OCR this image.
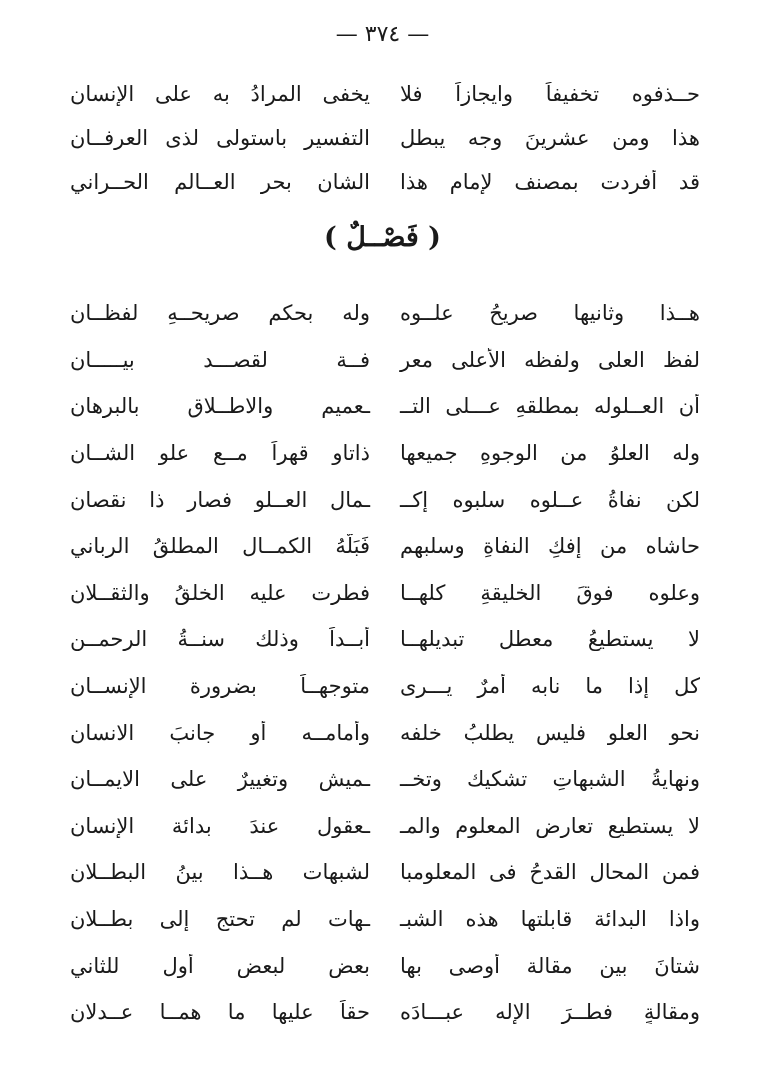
— ٣٧٤ —
حــذفوه تخفيفاً وايجازاً فلا
يخفى المرادُ به على الإنسان
هذا ومن عشرينَ وجه يبطل
التفسير باستولى لذى العرفــان
قد أفردت بمصنف لإمام هذا
الشان بحر العــالم الحــراني
( فَصْــلٌ )
هــذا وثانيها صريحُ علــوه
وله بحكم صريحــهِ لفظــان
لفظ العلى ولفظه الأَعلى معر
فــة لقصـــد بيـــــان
أن العــلوله بمطلقهِ عـــلى التــ
ـعميم والاطــلاقِ بالبرهان
وله العلوُ من الوجوهِ جميعها
ذاتاو قهراً مــع علو الشــان
لكن نفاةُ عــلوه سلبوه إكــ
ـمال العــلو فصار ذا نقصان
حاشاه من إفكِ النفاةِ وسلبهم
فَبَلَّهُ الكمــال المطلقُ الرباني
وعلوه فوقَ الخليقةِ كلهــا
فطرت عليه الخلقُ والثقــلان
لا يستطيعُ معطل تبديلهــا
أبــداً وذلك سنــةُ الرحمــن
كل إذا ما نابه أمرٌ يـــرى
متوجهــاً بضرورة الإِنســان
نحو العلوِ فليس يطلبُ خلفه
وأمامــه أو جانبَ الانسان
ونهايةُ الشبهاتِ تشكيك وتخــ
ـميش وتغييرٌ على الايمــان
لا يستطيع تعارض المعلومِ والمـ
ـعقول عندَ بدائة الإِنسان
فمن المحال القدحُ فى المعلومبا
لشبهات هــذا بينُ البطــلان
واذا البدائة قابلتها هذه الشبـ
ـهات لم تحتج إلى بطــلان
شتانَ بين مقالة أوصى بها
بعض لبعض أول للثاني
ومقالةٍ فطــرَ الإِله عبـــادَه
حقاً عليها ما همــا عــدلان
